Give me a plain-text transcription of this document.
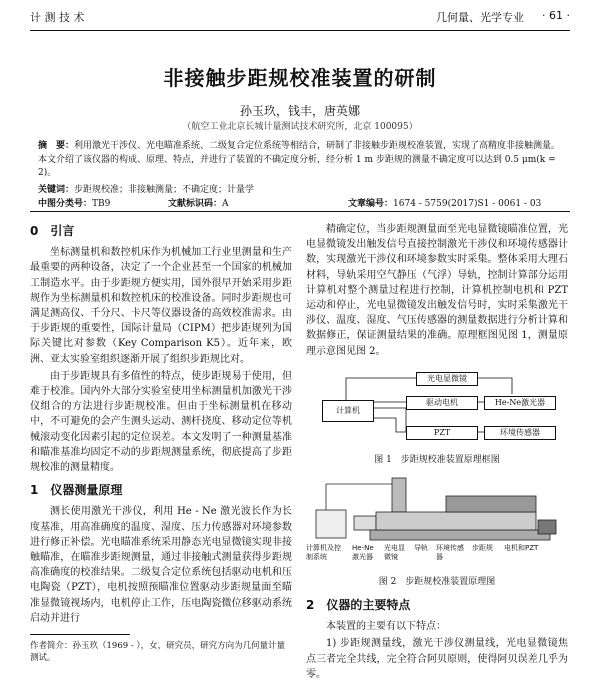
计 测 技 术	几何量、光学专业 · 61 ·
非接触步距规校准装置的研制
孙玉玖，钱丰，唐英娜
（航空工业北京长城计量测试技术研究所，北京 100095）
摘　要：利用激光干涉仪、光电瞄准系统、二级复合定位系统等相结合，研制了非接触步距规校准装置，实现了高精度非接触测量。本文介绍了该仪器的构成、原理、特点，并进行了装置的不确定度分析，经分析 1 m 步距规的测量不确定度可以达到 0.5 μm(k = 2)。
关键词：步距规校准；非接触测量；不确定度；计量学
中图分类号：TB9	文献标识码：A	文章编号：1674 - 5759(2017)S1 - 0061 - 03
0　引言

坐标测量机和数控机床作为机械加工行业里测量和生产最重要的两种设备，决定了一个企业甚至一个国家的机械加工制造水平。由于步距规方便实用，国外很早开始采用步距规作为坐标测量机和数控机床的校准设备。同时步距规也可满足测高仪、千分尺、卡尺等仪器设备的高效校准需求。由于步距规的重要性，国际计量局（CIPM）把步距规列为国际关键比对参数（Key Comparison K5）。近年来，欧洲、亚太实验室组织逐渐开展了组织步距规比对。

由于步距规具有多值性的特点，使步距规易于使用，但难于校准。国内外大部分实验室使用坐标测量机加激光干涉仪组合的方法进行步距规校准。但由于坐标测量机在移动中，不可避免的会产生测头运动、测杆挠度、移动定位等机械滚动变化因素引起的定位误差。本文发明了一种测量基准和瞄准基准均固定不动的步距规测量系统，彻底提高了步距规校准的测量精度。

1　仪器测量原理

测长使用激光干涉仪，利用 He - Ne 激光波长作为长度基准，用高准确度的温度、湿度、压力传感器对环境参数进行修正补偿。光电瞄准系统采用静态光电显微镜实现非接触瞄准，在瞄准步距规测量，通过非接触式测量获得步距规高准确度的校准结果。二级复合定位系统包括驱动电机和压电陶瓷（PZT），电机按照预瞄准位置驱动步距规量面至瞄准显微镜视场内，电机停止工作，压电陶瓷微位移驱动系统启动并进行

作者简介：孙玉玖（1969 - ），女，研究员，研究方向为几何量计量测试。

精确定位，当步距规测量面至光电显微镜瞄准位置，光电显微镜发出触发信号直接控制激光干涉仪和环境传感器计数，实现激光干涉仪和环境参数实时采集。整体采用大理石材料，导轨采用空气静压（气浮）导轨，控制计算部分运用计算机对整个测量过程进行控制，计算机控制电机和 PZT 运动和停止，光电显微镜发出触发信号时，实时采集激光干涉仪、温度、湿度、气压传感器的测量数据进行分析计算和数据修正，保证测量结果的准确。原理框图见图 1，测量原理示意图见图 2。

光电显微镜
计算机
驱动电机	He-Ne激光器
PZT	环境传感器
图 1　步距规校准装置原理框图
计算机及控制系统
He-Ne激光器
光电显微镜
导轨	环境传感器
步距规	电机和PZT
图 2　步距规校准装置原理图
2　仪器的主要特点

本装置的主要有以下特点：

1) 步距规测量线，激光干涉仪测量线，光电显微镜焦点三者完全共线，完全符合阿贝原则，使得阿贝误差几乎为零。
